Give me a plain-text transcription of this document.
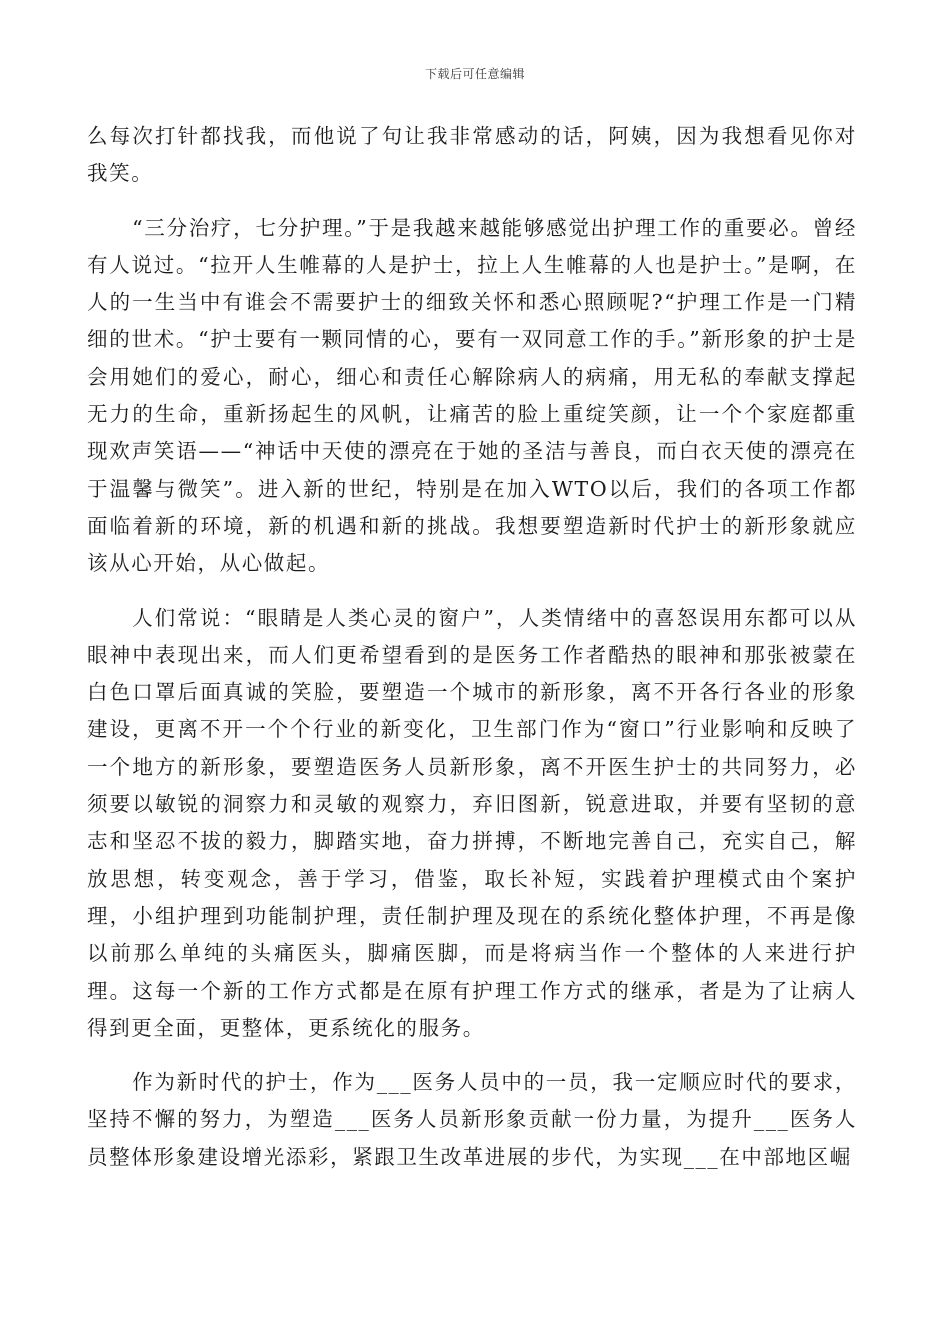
下载后可任意编辑

么每次打针都找我，而他说了句让我非常感动的话，阿姨，因为我想看见你对我笑。

“三分治疗，七分护理。”于是我越来越能够感觉出护理工作的重要必。曾经有人说过。“拉开人生帷幕的人是护士，拉上人生帷幕的人也是护士。”是啊，在人的一生当中有谁会不需要护士的细致关怀和悉心照顾呢?“护理工作是一门精细的世术。“护士要有一颗同情的心，要有一双同意工作的手。”新形象的护士是会用她们的爱心，耐心，细心和责任心解除病人的病痛，用无私的奉献支撑起无力的生命，重新扬起生的风帆，让痛苦的脸上重绽笑颜，让一个个家庭都重现欢声笑语——“神话中天使的漂亮在于她的圣洁与善良，而白衣天使的漂亮在于温馨与微笑”。进入新的世纪，特别是在加入WTO以后，我们的各项工作都面临着新的环境，新的机遇和新的挑战。我想要塑造新时代护士的新形象就应该从心开始，从心做起。

人们常说：“眼睛是人类心灵的窗户”，人类情绪中的喜怒误用东都可以从眼神中表现出来，而人们更希望看到的是医务工作者酷热的眼神和那张被蒙在白色口罩后面真诚的笑脸，要塑造一个城市的新形象，离不开各行各业的形象建设，更离不开一个个行业的新变化，卫生部门作为“窗口”行业影响和反映了一个地方的新形象，要塑造医务人员新形象，离不开医生护士的共同努力，必须要以敏锐的洞察力和灵敏的观察力，弃旧图新，锐意进取，并要有坚韧的意志和坚忍不拔的毅力，脚踏实地，奋力拼搏，不断地完善自己，充实自己，解放思想，转变观念，善于学习，借鉴，取长补短，实践着护理模式由个案护理，小组护理到功能制护理，责任制护理及现在的系统化整体护理，不再是像以前那么单纯的头痛医头，脚痛医脚，而是将病当作一个整体的人来进行护理。这每一个新的工作方式都是在原有护理工作方式的继承，者是为了让病人得到更全面，更整体，更系统化的服务。

作为新时代的护士，作为___医务人员中的一员，我一定顺应时代的要求，坚持不懈的努力，为塑造___医务人员新形象贡献一份力量，为提升___医务人员整体形象建设增光添彩，紧跟卫生改革进展的步代，为实现___在中部地区崛
